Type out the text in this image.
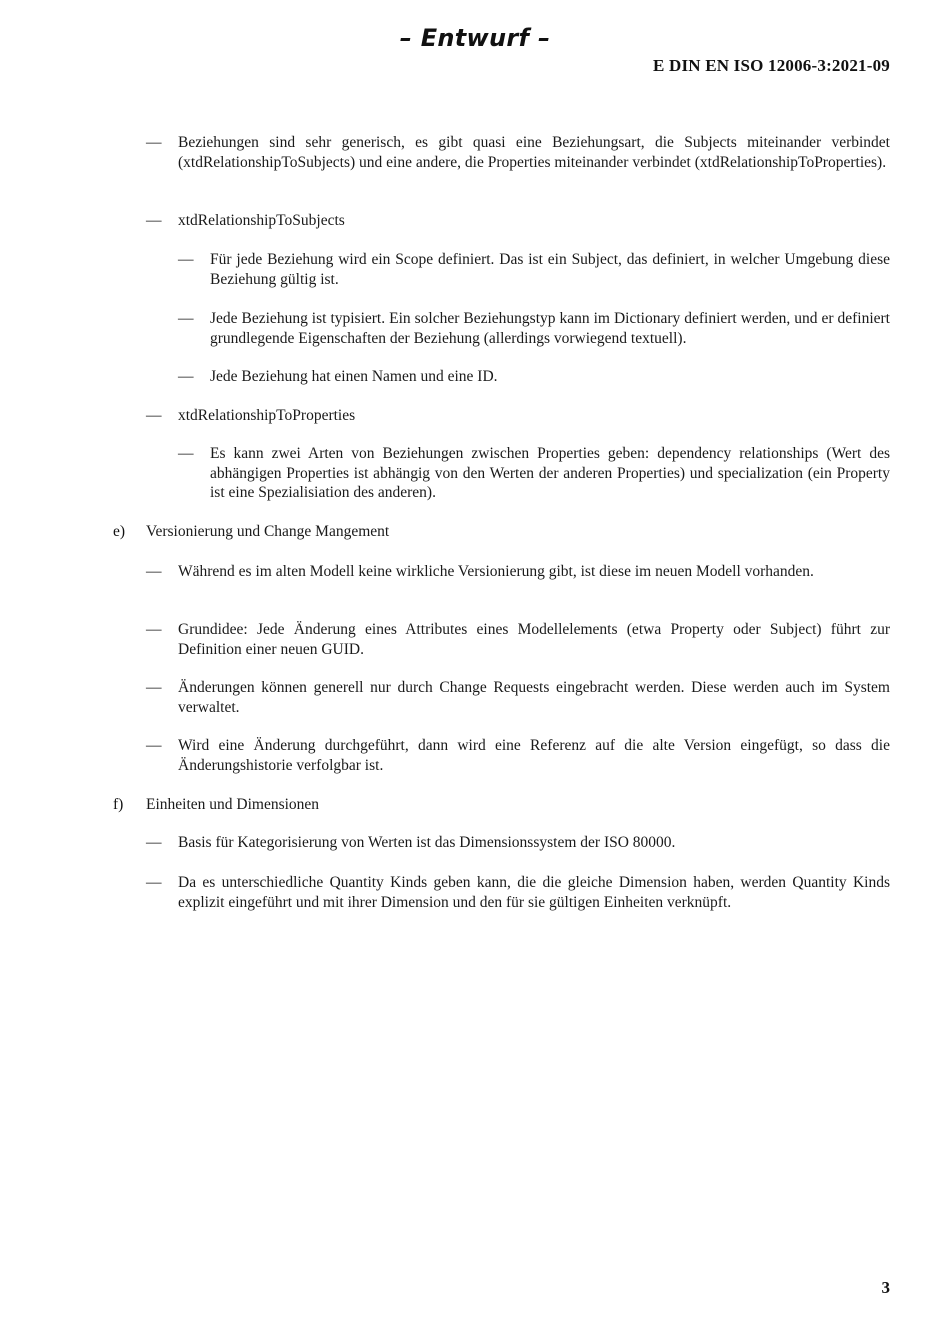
– Entwurf –
E DIN EN ISO 12006-3:2021-09
— Beziehungen sind sehr generisch, es gibt quasi eine Beziehungsart, die Subjects miteinander verbindet (xtdRelationshipToSubjects) und eine andere, die Properties miteinander verbindet (xtdRelationshipToProperties).
— xtdRelationshipToSubjects
— Für jede Beziehung wird ein Scope definiert. Das ist ein Subject, das definiert, in welcher Umgebung diese Beziehung gültig ist.
— Jede Beziehung ist typisiert. Ein solcher Beziehungstyp kann im Dictionary definiert werden, und er definiert grundlegende Eigenschaften der Beziehung (allerdings vorwiegend textuell).
— Jede Beziehung hat einen Namen und eine ID.
— xtdRelationshipToProperties
— Es kann zwei Arten von Beziehungen zwischen Properties geben: dependency relationships (Wert des abhängigen Properties ist abhängig von den Werten der anderen Properties) und specialization (ein Property ist eine Spezialisiation des anderen).
e) Versionierung und Change Mangement
— Während es im alten Modell keine wirkliche Versionierung gibt, ist diese im neuen Modell vorhanden.
— Grundidee: Jede Änderung eines Attributes eines Modellelements (etwa Property oder Subject) führt zur Definition einer neuen GUID.
— Änderungen können generell nur durch Change Requests eingebracht werden. Diese werden auch im System verwaltet.
— Wird eine Änderung durchgeführt, dann wird eine Referenz auf die alte Version eingefügt, so dass die Änderungshistorie verfolgbar ist.
f) Einheiten und Dimensionen
— Basis für Kategorisierung von Werten ist das Dimensionssystem der ISO 80000.
— Da es unterschiedliche Quantity Kinds geben kann, die die gleiche Dimension haben, werden Quantity Kinds explizit eingeführt und mit ihrer Dimension und den für sie gültigen Einheiten verknüpft.
3
